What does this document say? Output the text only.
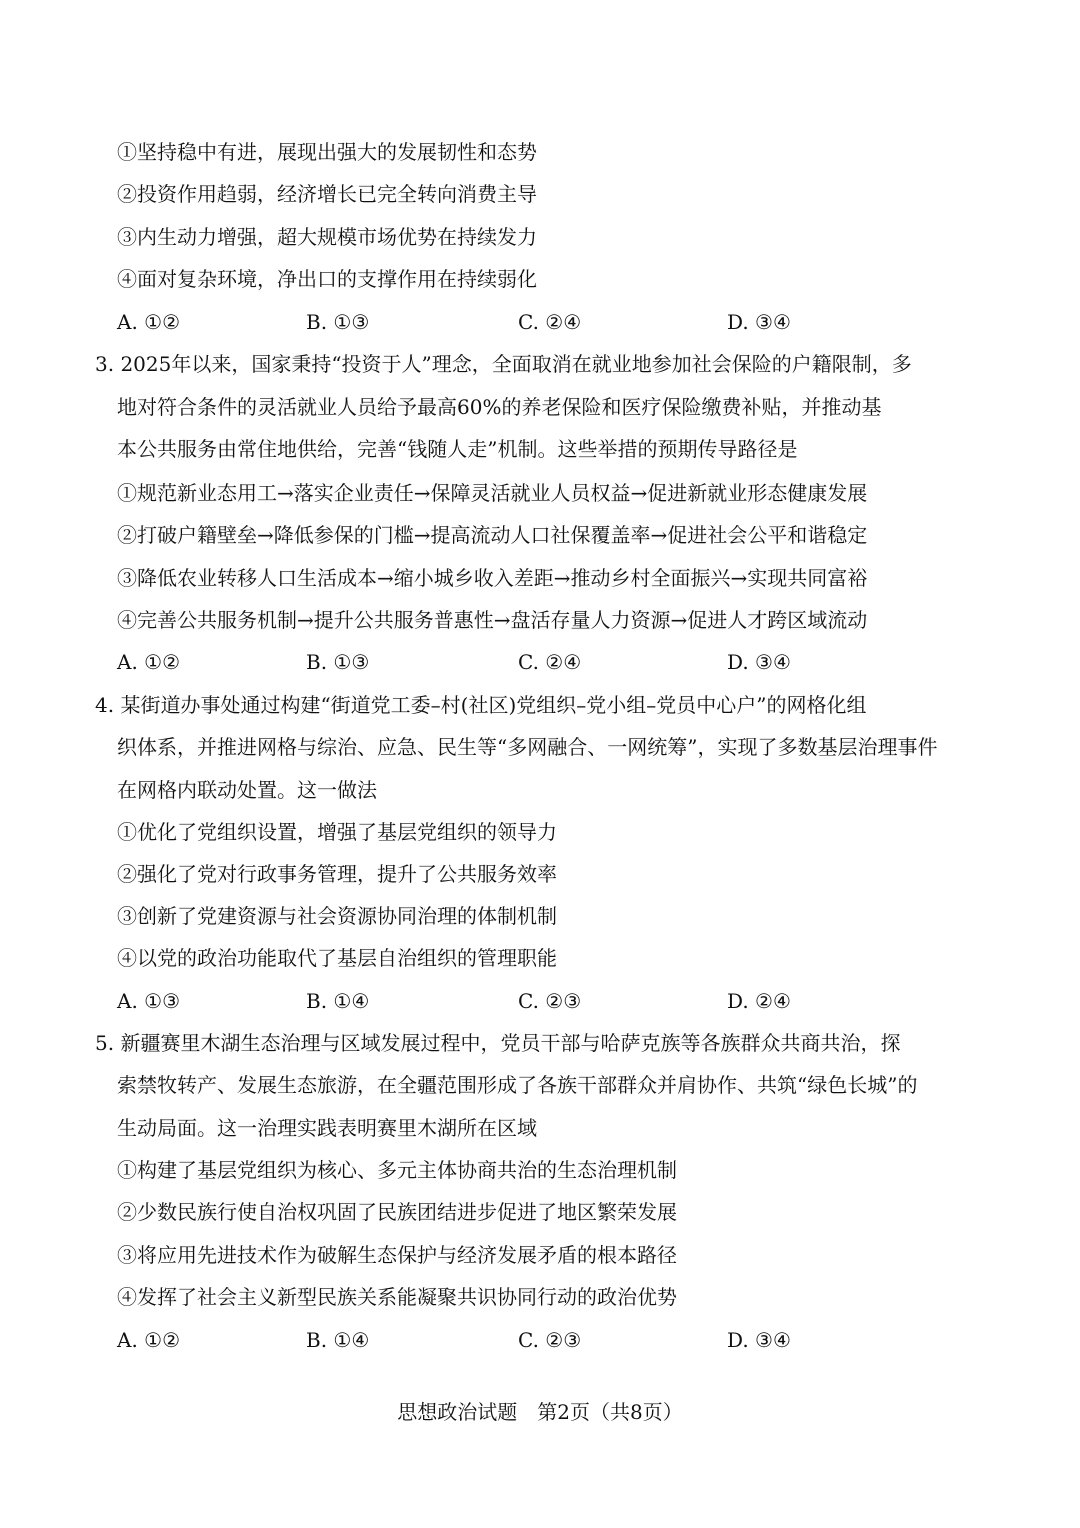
①坚持稳中有进，展现出强大的发展韧性和态势
②投资作用趋弱，经济增长已完全转向消费主导
③内生动力增强，超大规模市场优势在持续发力
④面对复杂环境，净出口的支撑作用在持续弱化
A. ①②	B. ①③	C. ②④	D. ③④
3. 2025年以来，国家秉持“投资于人”理念，全面取消在就业地参加社会保险的户籍限制，多
地对符合条件的灵活就业人员给予最高60%的养老保险和医疗保险缴费补贴，并推动基
本公共服务由常住地供给，完善“钱随人走”机制。这些举措的预期传导路径是
①规范新业态用工→落实企业责任→保障灵活就业人员权益→促进新就业形态健康发展
②打破户籍壁垒→降低参保的门槛→提高流动人口社保覆盖率→促进社会公平和谐稳定
③降低农业转移人口生活成本→缩小城乡收入差距→推动乡村全面振兴→实现共同富裕
④完善公共服务机制→提升公共服务普惠性→盘活存量人力资源→促进人才跨区域流动
A. ①②	B. ①③	C. ②④	D. ③④
4. 某街道办事处通过构建“街道党工委–村(社区)党组织–党小组–党员中心户”的网格化组
织体系，并推进网格与综治、应急、民生等“多网融合、一网统筹”，实现了多数基层治理事件
在网格内联动处置。这一做法
①优化了党组织设置，增强了基层党组织的领导力
②强化了党对行政事务管理，提升了公共服务效率
③创新了党建资源与社会资源协同治理的体制机制
④以党的政治功能取代了基层自治组织的管理职能
A. ①③	B. ①④	C. ②③	D. ②④
5. 新疆赛里木湖生态治理与区域发展过程中，党员干部与哈萨克族等各族群众共商共治，探
索禁牧转产、发展生态旅游，在全疆范围形成了各族干部群众并肩协作、共筑“绿色长城”的
生动局面。这一治理实践表明赛里木湖所在区域
①构建了基层党组织为核心、多元主体协商共治的生态治理机制
②少数民族行使自治权巩固了民族团结进步促进了地区繁荣发展
③将应用先进技术作为破解生态保护与经济发展矛盾的根本路径
④发挥了社会主义新型民族关系能凝聚共识协同行动的政治优势
A. ①②	B. ①④	C. ②③	D. ③④
思想政治试题　第2页（共8页）
